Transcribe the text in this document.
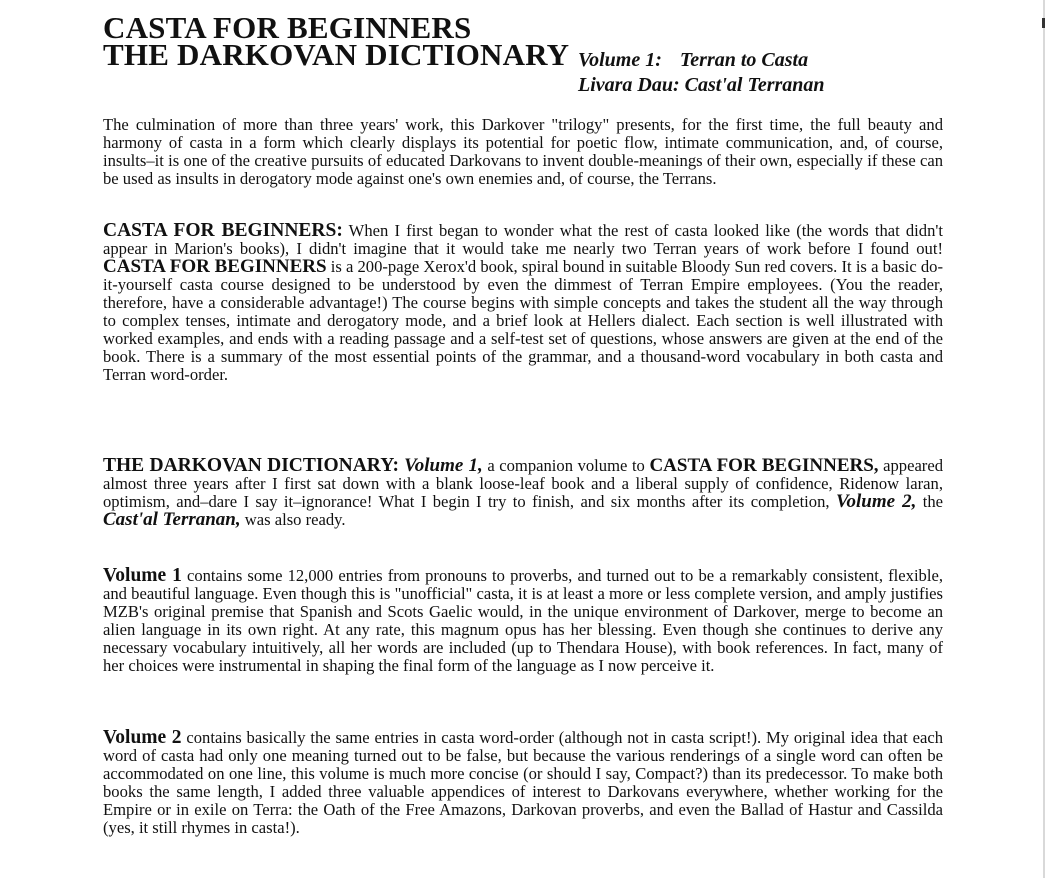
CASTA FOR BEGINNERS
THE DARKOVAN DICTIONARY Volume 1: Terran to Casta
Livara Dau: Cast'al Terranan

The culmination of more than three years' work, this Darkover "trilogy" presents, for the first time, the full beauty and harmony of casta in a form which clearly displays its potential for poetic flow, intimate communication, and, of course, insults–it is one of the creative pursuits of educated Darkovans to invent double-meanings of their own, especially if these can be used as insults in derogatory mode against one's own enemies and, of course, the Terrans.

CASTA FOR BEGINNERS: When I first began to wonder what the rest of casta looked like (the words that didn't appear in Marion's books), I didn't imagine that it would take me nearly two Terran years of work before I found out! CASTA FOR BEGINNERS is a 200-page Xerox'd book, spiral bound in suitable Bloody Sun red covers. It is a basic do-it-yourself casta course designed to be understood by even the dimmest of Terran Empire employees. (You the reader, therefore, have a considerable advantage!) The course begins with simple concepts and takes the student all the way through to complex tenses, intimate and derogatory mode, and a brief look at Hellers dialect. Each section is well illustrated with worked examples, and ends with a reading passage and a self-test set of questions, whose answers are given at the end of the book. There is a summary of the most essential points of the grammar, and a thousand-word vocabulary in both casta and Terran word-order.

THE DARKOVAN DICTIONARY: Volume 1, a companion volume to CASTA FOR BEGINNERS, appeared almost three years after I first sat down with a blank loose-leaf book and a liberal supply of confidence, Ridenow laran, optimism, and–dare I say it–ignorance! What I begin I try to finish, and six months after its completion, Volume 2, the Cast'al Terranan, was also ready.

Volume 1 contains some 12,000 entries from pronouns to proverbs, and turned out to be a remarkably consistent, flexible, and beautiful language. Even though this is "unofficial" casta, it is at least a more or less complete version, and amply justifies MZB's original premise that Spanish and Scots Gaelic would, in the unique environment of Darkover, merge to become an alien language in its own right. At any rate, this magnum opus has her blessing. Even though she continues to derive any necessary vocabulary intuitively, all her words are included (up to Thendara House), with book references. In fact, many of her choices were instrumental in shaping the final form of the language as I now perceive it.

Volume 2 contains basically the same entries in casta word-order (although not in casta script!). My original idea that each word of casta had only one meaning turned out to be false, but because the various renderings of a single word can often be accommodated on one line, this volume is much more concise (or should I say, Compact?) than its predecessor. To make both books the same length, I added three valuable appendices of interest to Darkovans everywhere, whether working for the Empire or in exile on Terra: the Oath of the Free Amazons, Darkovan proverbs, and even the Ballad of Hastur and Cassilda (yes, it still rhymes in casta!).
